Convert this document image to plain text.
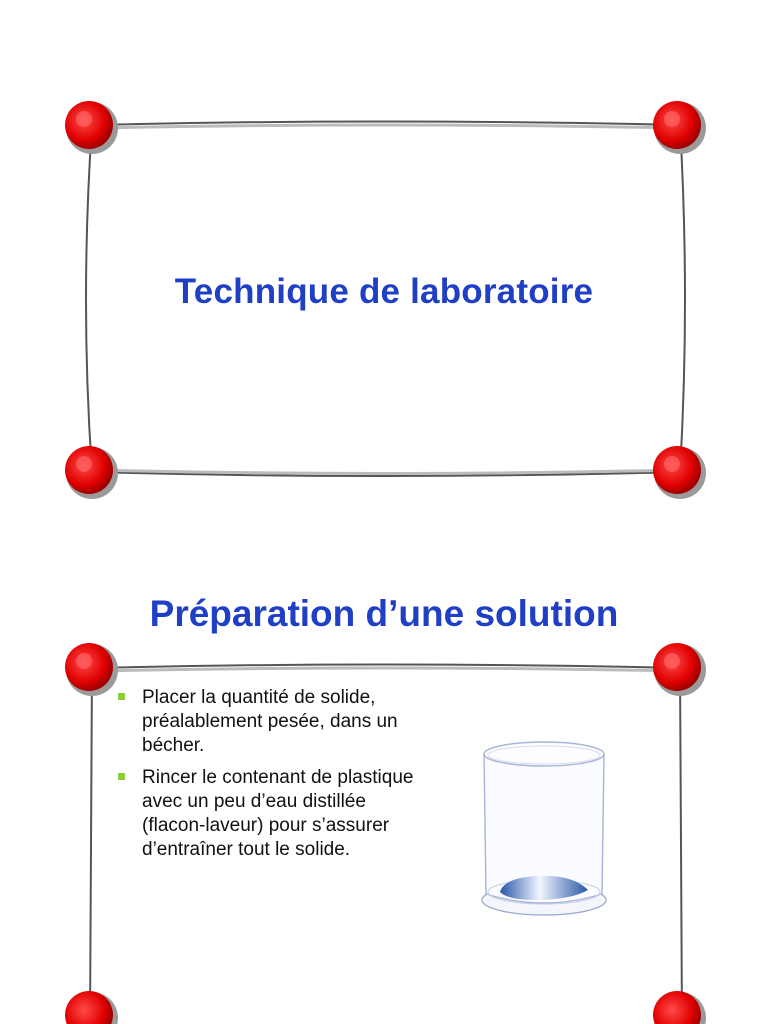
Technique de laboratoire
Préparation d’une solution
Placer la quantité de solide, préalablement pesée, dans un bécher.
Rincer le contenant de plastique avec un peu d’eau distillée (flacon-laveur) pour s’assurer d’entraîner tout le solide.
